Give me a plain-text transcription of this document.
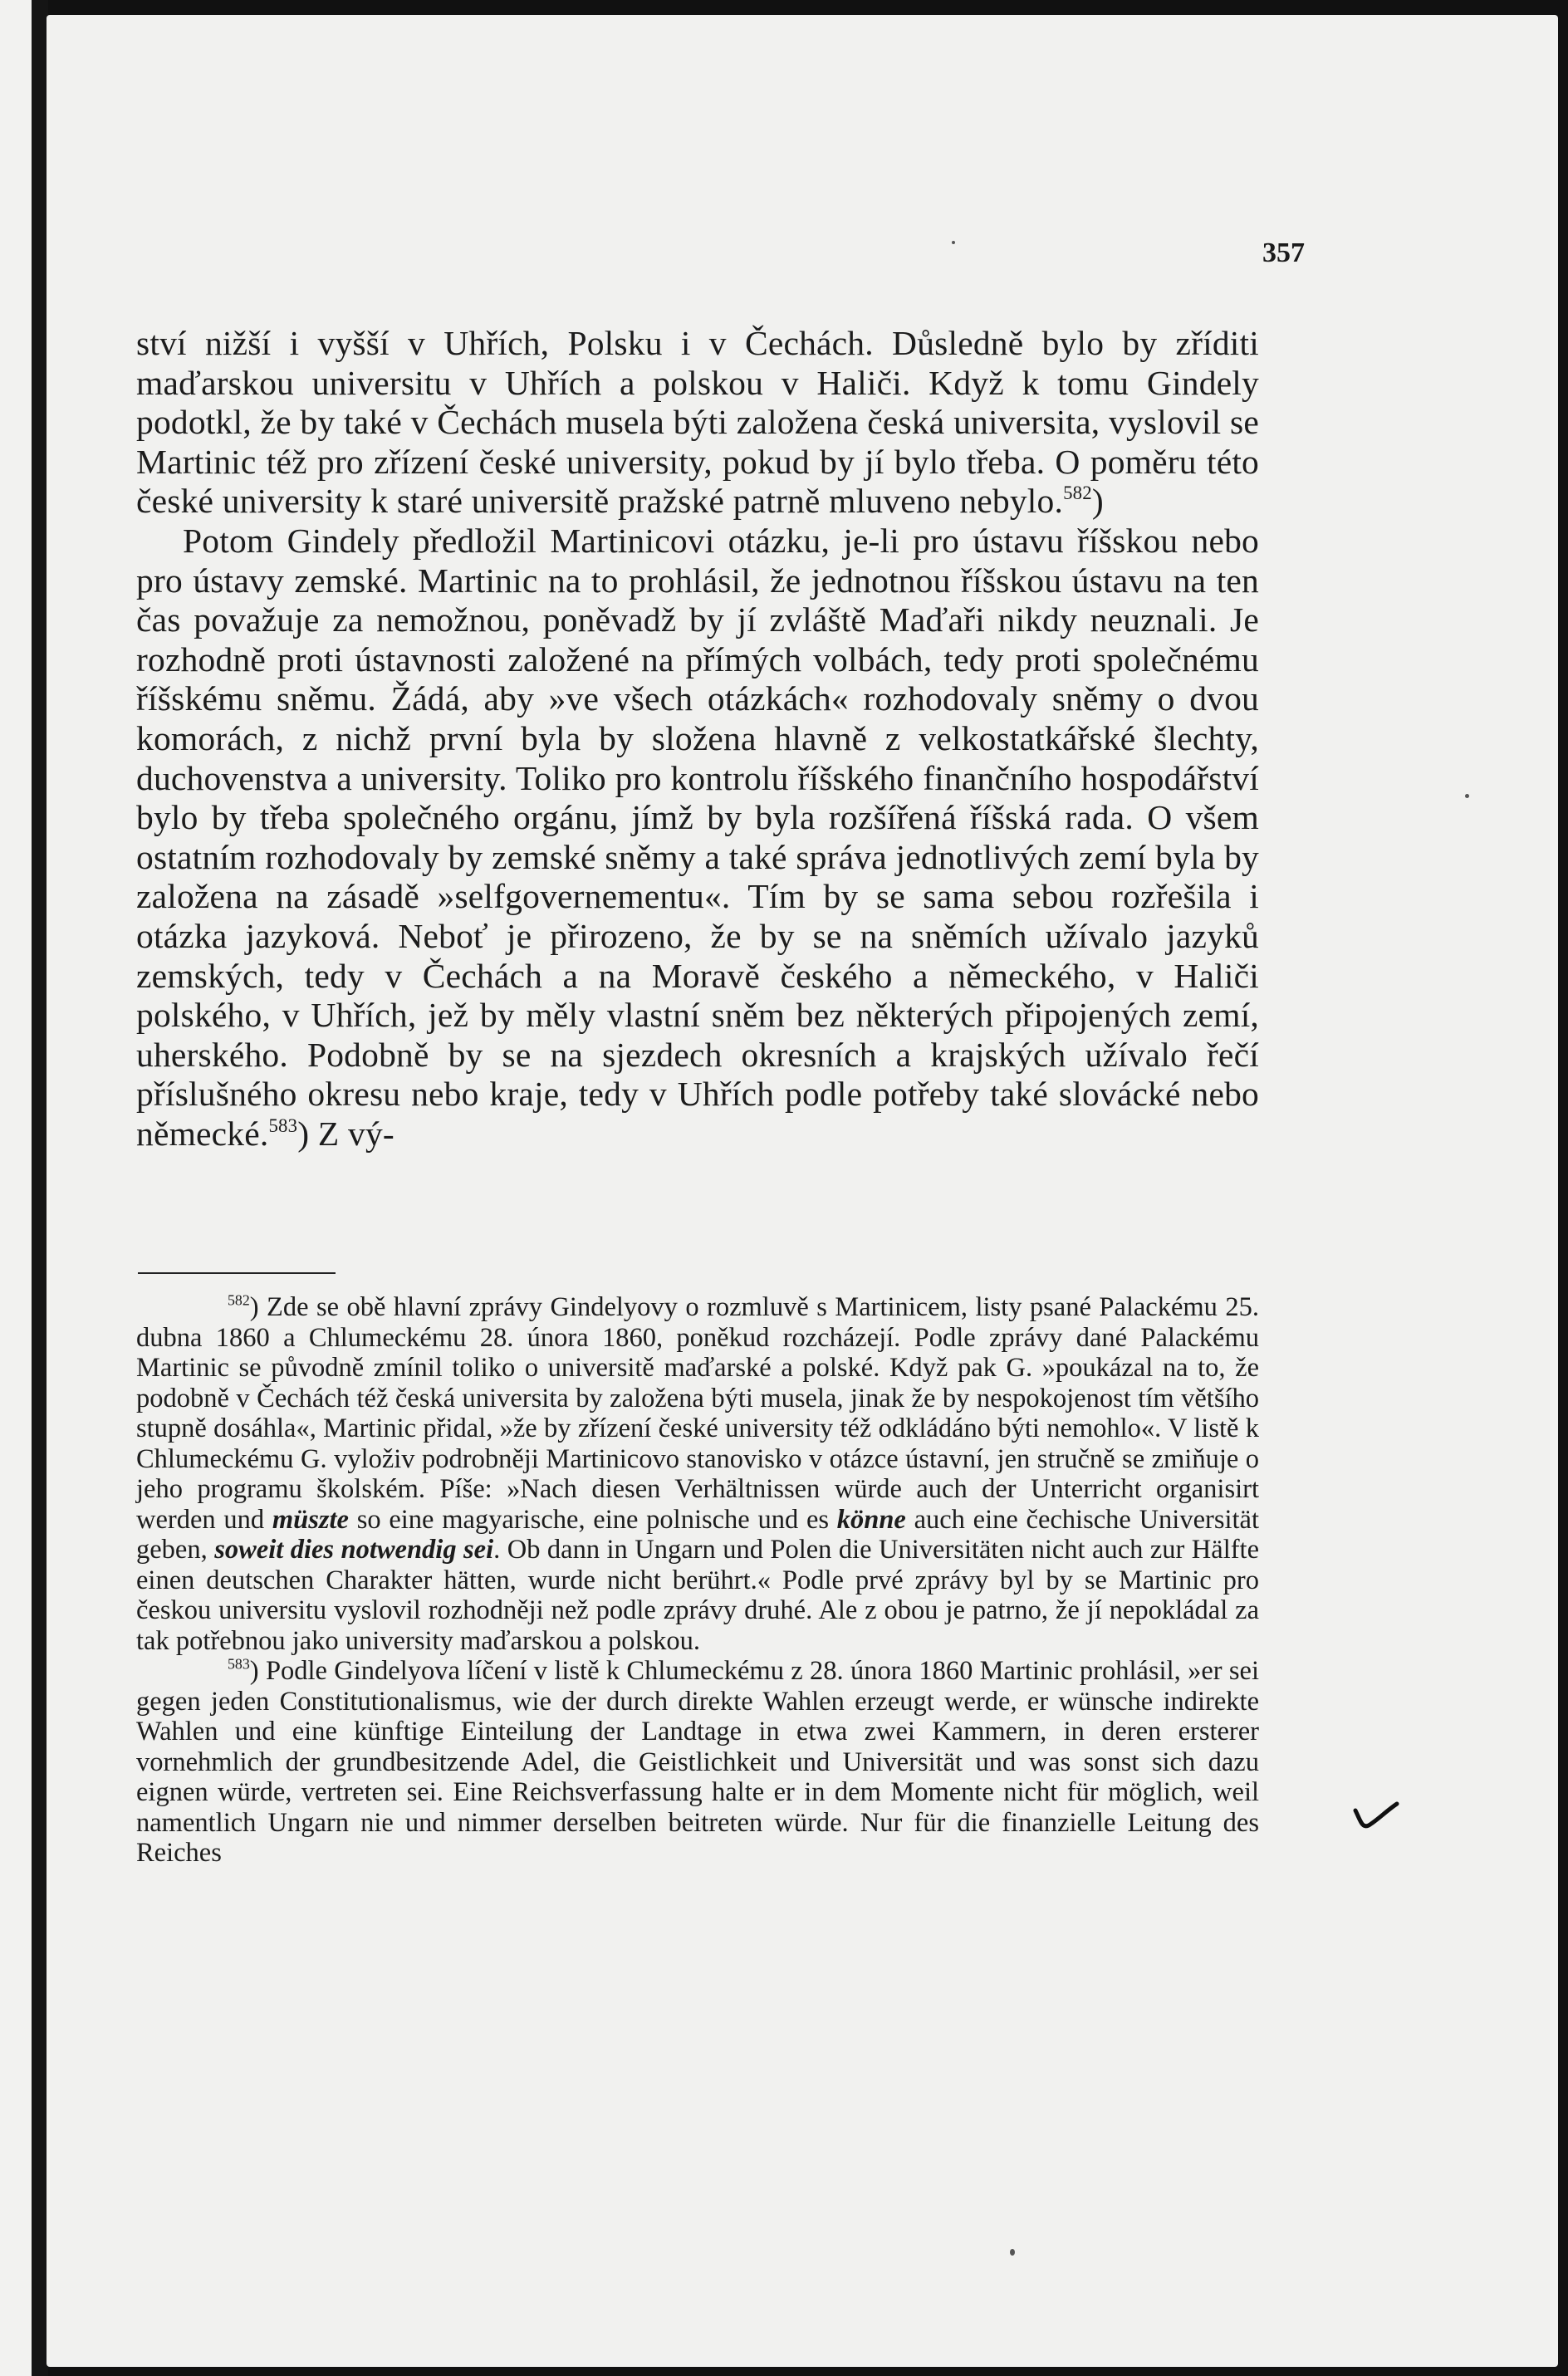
357

ství nižší i vyšší v Uhřích, Polsku i v Čechách. Důsledně bylo by zříditi maďarskou universitu v Uhřích a polskou v Haliči. Když k tomu Gindely podotkl, že by také v Čechách musela býti založena česká universita, vyslovil se Martinic též pro zřízení české university, pokud by jí bylo třeba. O poměru této české university k staré universitě pražské patrně mluveno nebylo.$^{582}$)

Potom Gindely předložil Martinicovi otázku, je-li pro ústavu říšskou nebo pro ústavy zemské. Martinic na to prohlásil, že jednotnou říšskou ústavu na ten čas považuje za nemožnou, poněvadž by jí zvláště Maďaři nikdy neuznali. Je rozhodně proti ústavnosti založené na přímých volbách, tedy proti společnému říšskému sněmu. Žádá, aby »ve všech otázkách« rozhodovaly sněmy o dvou komorách, z nichž první byla by složena hlavně z velkostatkářské šlechty, duchovenstva a university. Toliko pro kontrolu říšského finančního hospodářství bylo by třeba společného orgánu, jímž by byla rozšířená říšská rada. O všem ostatním rozhodovaly by zemské sněmy a také správa jednotlivých zemí byla by založena na zásadě »selfgovernementu«. Tím by se sama sebou rozřešila i otázka jazyková. Neboť je přirozeno, že by se na sněmích užívalo jazyků zemských, tedy v Čechách a na Moravě českého a německého, v Haliči polského, v Uhřích, jež by měly vlastní sněm bez některých připojených zemí, uherského. Podobně by se na sjezdech okresních a krajských užívalo řečí příslušného okresu nebo kraje, tedy v Uhřích podle potřeby také slovácké nebo německé.$^{583}$) Z vý-

$^{582}$) Zde se obě hlavní zprávy Gindelyovy o rozmluvě s Martinicem, listy psané Palackému 25. dubna 1860 a Chlumeckému 28. února 1860, poněkud rozcházejí. Podle zprávy dané Palackému Martinic se původně zmínil toliko o universitě maďarské a polské. Když pak G. »poukázal na to, že podobně v Čechách též česká universita by založena býti musela, jinak že by nespokojenost tím většího stupně dosáhla«, Martinic přidal, »že by zřízení české university též odkládáno býti nemohlo«. V listě k Chlumeckému G. vyloživ podrobněji Martinicovo stanovisko v otázce ústavní, jen stručně se zmiňuje o jeho programu školském. Píše: »Nach diesen Verhältnissen würde auch der Unterricht organisirt werden und müszte so eine magyarische, eine polnische und es könne auch eine čechische Universität geben, soweit dies notwendig sei. Ob dann in Ungarn und Polen die Universitäten nicht auch zur Hälfte einen deutschen Charakter hätten, wurde nicht berührt.« Podle prvé zprávy byl by se Martinic pro českou universitu vyslovil rozhodněji než podle zprávy druhé. Ale z obou je patrno, že jí nepokládal za tak potřebnou jako university maďarskou a polskou.

$^{583}$) Podle Gindelyova líčení v listě k Chlumeckému z 28. února 1860 Martinic prohlásil, »er sei gegen jeden Constitutionalismus, wie der durch direkte Wahlen erzeugt werde, er wünsche indirekte Wahlen und eine künftige Einteilung der Landtage in etwa zwei Kammern, in deren ersterer vornehmlich der grundbesitzende Adel, die Geistlichkeit und Universität und was sonst sich dazu eignen würde, vertreten sei. Eine Reichsverfassung halte er in dem Momente nicht für möglich, weil namentlich Ungarn nie und nimmer derselben beitreten würde. Nur für die finanzielle Leitung des Reiches
